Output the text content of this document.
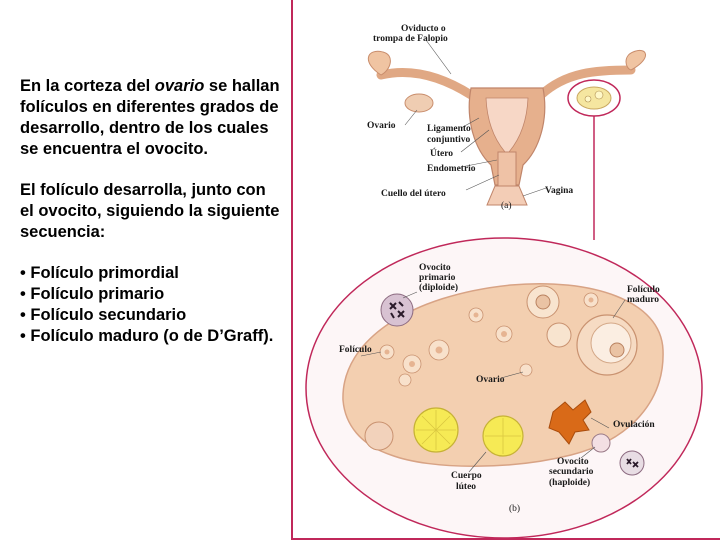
En la corteza del ovario se hallan folículos en diferentes grados de desarrollo, dentro de los cuales se encuentra el ovocito.

El folículo desarrolla, junto con el ovocito, siguiendo la siguiente secuencia:

• Folículo primordial
• Folículo primario
• Folículo secundario
• Folículo maduro (o de D’Graff).
Oviducto o
trompa de Falopio
Ovario	Ligamento
conjuntivo
Útero
Endometrio
Cuello del útero	Vagina
(a)
Ovocito
primario
(diploide)	Folículo
maduro
Folículo
Ovario
Ovulación
Ovocito
secundario
(haploide)
Cuerpo
lúteo
(b)
